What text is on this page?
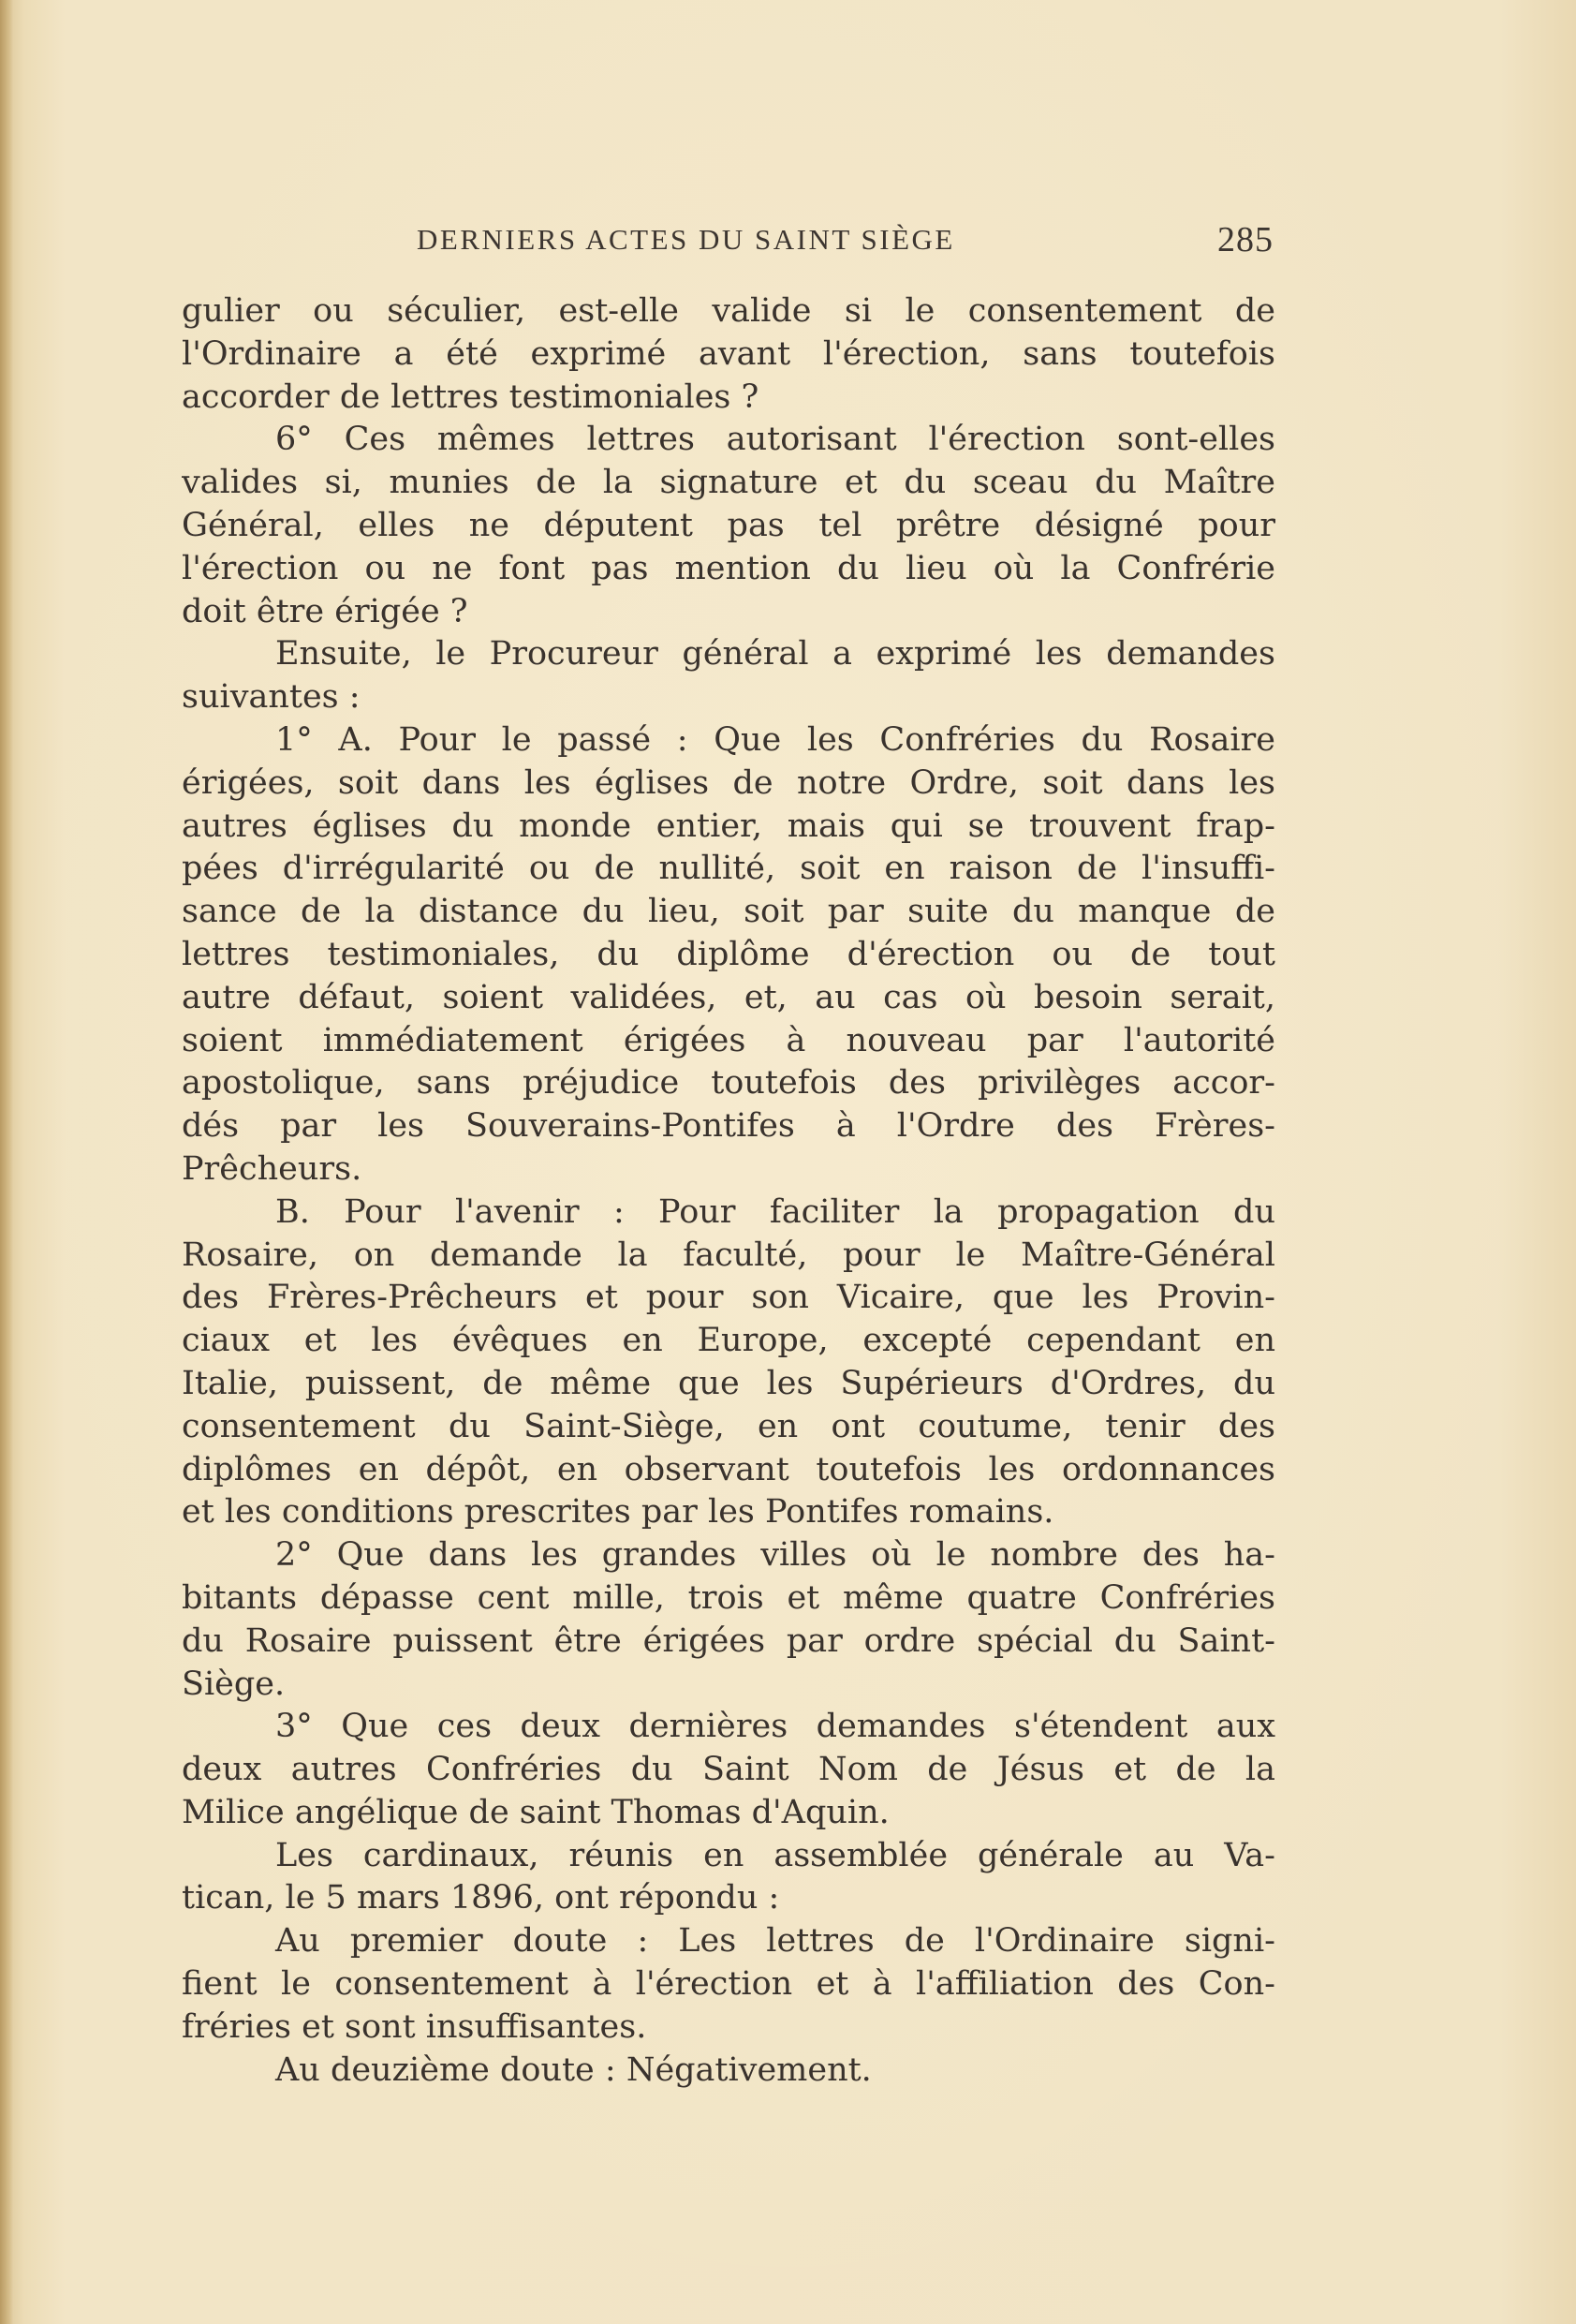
DERNIERS ACTES DU SAINT SIÈGE	285
gulier ou séculier, est-elle valide si le consentement de
l'Ordinaire a été exprimé avant l'érection, sans toutefois
accorder de lettres testimoniales ?
6° Ces mêmes lettres autorisant l'érection sont-elles
valides si, munies de la signature et du sceau du Maître
Général, elles ne députent pas tel prêtre désigné pour
l'érection ou ne font pas mention du lieu où la Confrérie
doit être érigée ?
Ensuite, le Procureur général a exprimé les demandes
suivantes :
1° A. Pour le passé : Que les Confréries du Rosaire
érigées, soit dans les églises de notre Ordre, soit dans les
autres églises du monde entier, mais qui se trouvent frap-
pées d'irrégularité ou de nullité, soit en raison de l'insuffi-
sance de la distance du lieu, soit par suite du manque de
lettres testimoniales, du diplôme d'érection ou de tout
autre défaut, soient validées, et, au cas où besoin serait,
soient immédiatement érigées à nouveau par l'autorité
apostolique, sans préjudice toutefois des privilèges accor-
dés par les Souverains-Pontifes à l'Ordre des Frères-
Prêcheurs.
B. Pour l'avenir : Pour faciliter la propagation du
Rosaire, on demande la faculté, pour le Maître-Général
des Frères-Prêcheurs et pour son Vicaire, que les Provin-
ciaux et les évêques en Europe, excepté cependant en
Italie, puissent, de même que les Supérieurs d'Ordres, du
consentement du Saint-Siège, en ont coutume, tenir des
diplômes en dépôt, en observant toutefois les ordonnances
et les conditions prescrites par les Pontifes romains.
2° Que dans les grandes villes où le nombre des ha-
bitants dépasse cent mille, trois et même quatre Confréries
du Rosaire puissent être érigées par ordre spécial du Saint-
Siège.
3° Que ces deux dernières demandes s'étendent aux
deux autres Confréries du Saint Nom de Jésus et de la
Milice angélique de saint Thomas d'Aquin.
Les cardinaux, réunis en assemblée générale au Va-
tican, le 5 mars 1896, ont répondu :
Au premier doute : Les lettres de l'Ordinaire signi-
fient le consentement à l'érection et à l'affiliation des Con-
fréries et sont insuffisantes.
Au deuzième doute : Négativement.
